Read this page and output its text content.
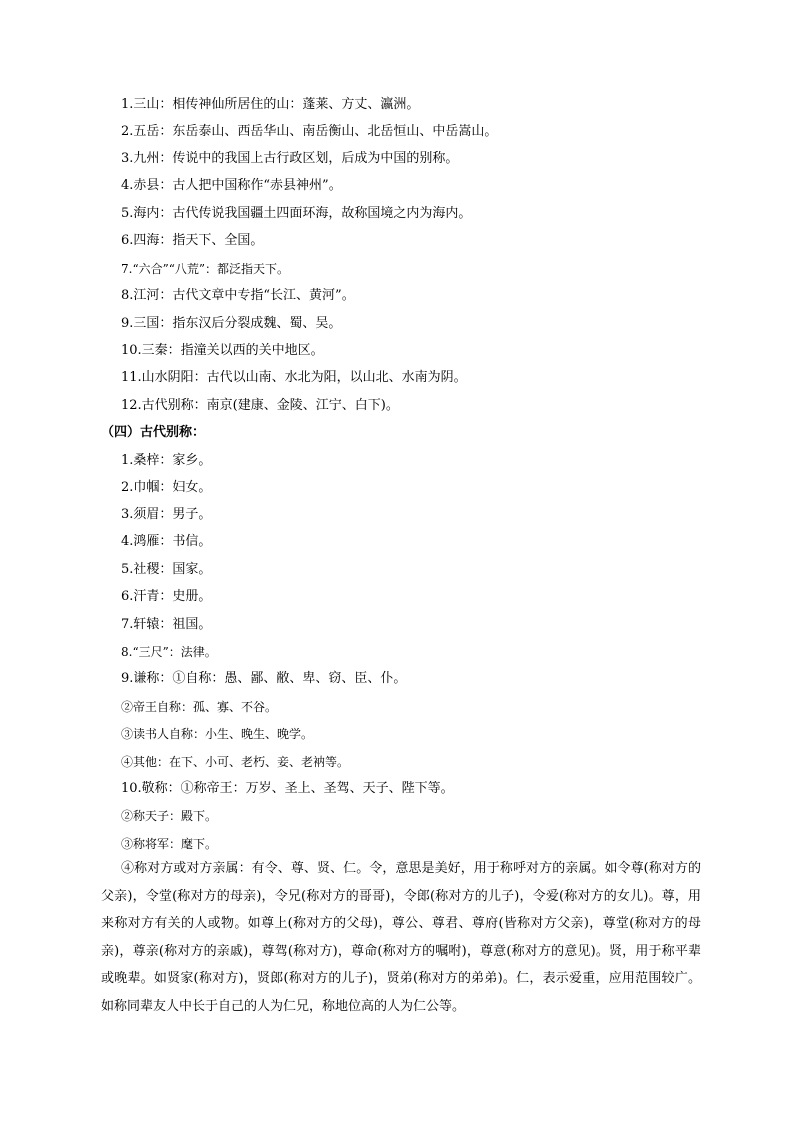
1.三山：相传神仙所居住的山：蓬莱、方丈、瀛洲。
2.五岳：东岳泰山、西岳华山、南岳衡山、北岳恒山、中岳嵩山。
3.九州：传说中的我国上古行政区划，后成为中国的别称。
4.赤县：古人把中国称作“赤县神州”。
5.海内：古代传说我国疆土四面环海，故称国境之内为海内。
6.四海：指天下、全国。
7.“六合”“八荒”：都泛指天下。
8.江河：古代文章中专指“长江、黄河”。
9.三国：指东汉后分裂成魏、蜀、吴。
10.三秦：指潼关以西的关中地区。
11.山水阴阳：古代以山南、水北为阳，以山北、水南为阴。
12.古代别称：南京(建康、金陵、江宁、白下)。
（四）古代别称：
1.桑梓：家乡。
2.巾帼：妇女。
3.须眉：男子。
4.鸿雁：书信。
5.社稷：国家。
6.汗青：史册。
7.轩辕：祖国。
8.“三尺”：法律。
9.谦称：①自称：愚、鄙、敝、卑、窃、臣、仆。
②帝王自称：孤、寡、不谷。
③读书人自称：小生、晚生、晚学。
④其他：在下、小可、老朽、妾、老衲等。
10.敬称：①称帝王：万岁、圣上、圣驾、天子、陛下等。
②称天子：殿下。
③称将军：麾下。
④称对方或对方亲属：有令、尊、贤、仁。令，意思是美好，用于称呼对方的亲属。如令尊(称对方的父亲)，令堂(称对方的母亲)，令兄(称对方的哥哥)，令郎(称对方的儿子)，令爱(称对方的女儿)。尊，用来称对方有关的人或物。如尊上(称对方的父母)，尊公、尊君、尊府(皆称对方父亲)，尊堂(称对方的母亲)，尊亲(称对方的亲戚)，尊驾(称对方)，尊命(称对方的嘱咐)，尊意(称对方的意见)。贤，用于称平辈或晚辈。如贤家(称对方)，贤郎(称对方的儿子)，贤弟(称对方的弟弟)。仁，表示爱重，应用范围较广。如称同辈友人中长于自己的人为仁兄，称地位高的人为仁公等。
